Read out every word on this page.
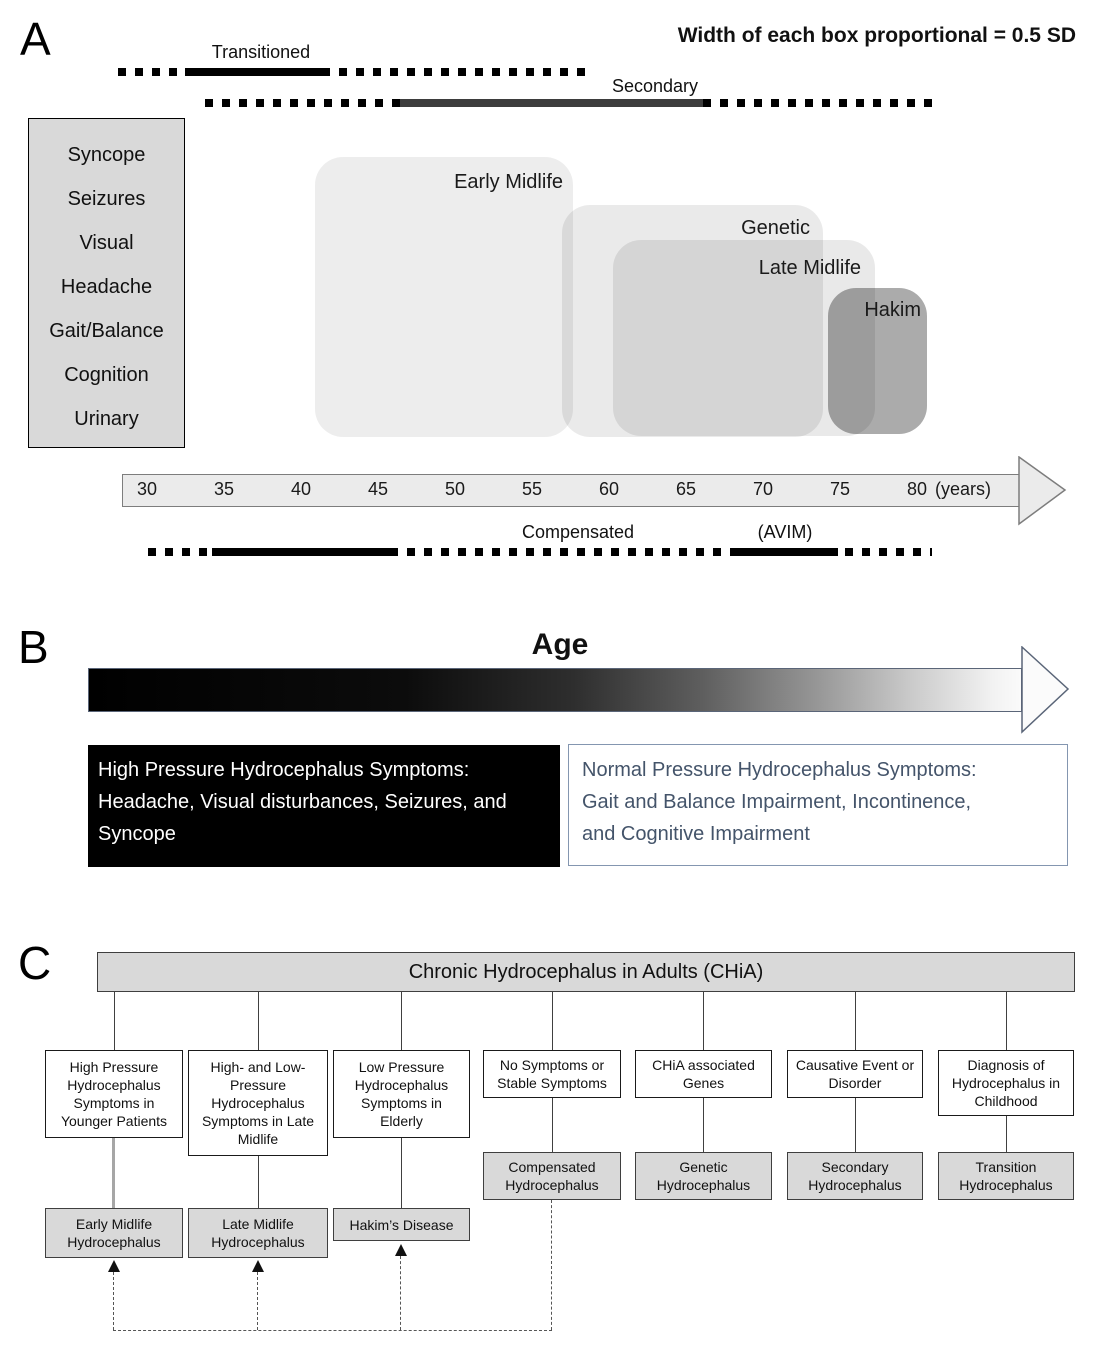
A	Width of each box proportional = 0.5 SD
Transitioned
Secondary
Syncope
Seizures
Visual
Headache
Gait/Balance
Cognition
Urinary
Early Midlife
Genetic
Late Midlife
Hakim
30	35	40	45	50	55	60	65	70	75	80 (years)
Compensated	(AVIM)
B	Age
High Pressure Hydrocephalus Symptoms:
Headache, Visual disturbances, Seizures, and
Syncope
Normal Pressure Hydrocephalus Symptoms:
Gait and Balance Impairment, Incontinence,
and Cognitive Impairment
C	Chronic Hydrocephalus in Adults (CHiA)
High Pressure Hydrocephalus Symptoms in Younger Patients
High- and Low-Pressure Hydrocephalus Symptoms in Late Midlife
Low Pressure Hydrocephalus Symptoms in Elderly
No Symptoms or Stable Symptoms
CHiA associated Genes
Causative Event or Disorder
Diagnosis of Hydrocephalus in Childhood
Compensated Hydrocephalus
Genetic Hydrocephalus
Secondary Hydrocephalus
Transition Hydrocephalus
Early Midlife Hydrocephalus
Late Midlife Hydrocephalus
Hakim’s Disease
